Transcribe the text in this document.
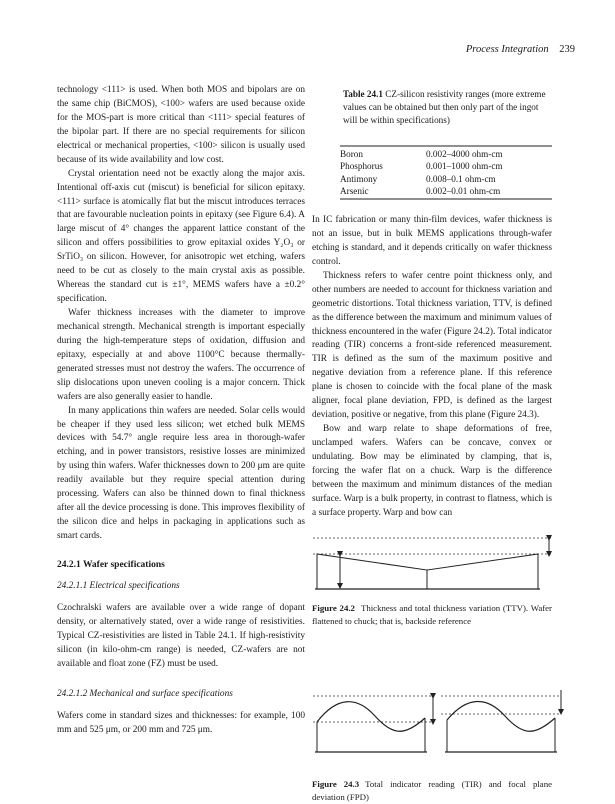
Process Integration 239

technology <111> is used. When both MOS and bipolars are on the same chip (BiCMOS), <100> wafers are used because oxide for the MOS-part is more critical than <111> special features of the bipolar part. If there are no special requirements for silicon electrical or mechanical properties, <100> silicon is usually used because of its wide availability and low cost.

Crystal orientation need not be exactly along the major axis. Intentional off-axis cut (miscut) is beneficial for silicon epitaxy. <111> surface is atomically flat but the miscut introduces terraces that are favourable nucleation points in epitaxy (see Figure 6.4). A large miscut of 4° changes the apparent lattice constant of the silicon and offers possibilities to grow epitaxial oxides Y₂O₃ or SrTiO₃ on silicon. However, for anisotropic wet etching, wafers need to be cut as closely to the main crystal axis as possible. Whereas the standard cut is ±1°, MEMS wafers have a ±0.2° specification.

Wafer thickness increases with the diameter to improve mechanical strength. Mechanical strength is important especially during the high-temperature steps of oxidation, diffusion and epitaxy, especially at and above 1100°C because thermally-generated stresses must not destroy the wafers. The occurrence of slip dislocations upon uneven cooling is a major concern. Thick wafers are also generally easier to handle.

In many applications thin wafers are needed. Solar cells would be cheaper if they used less silicon; wet etched bulk MEMS devices with 54.7° angle require less area in thorough-wafer etching, and in power transistors, resistive losses are minimized by using thin wafers. Wafer thicknesses down to 200 μm are quite readily available but they require special attention during processing. Wafers can also be thinned down to final thickness after all the device processing is done. This improves flexibility of the silicon dice and helps in packaging in applications such as smart cards.

24.2.1 Wafer specifications

24.2.1.1 Electrical specifications

Czochralski wafers are available over a wide range of dopant density, or alternatively stated, over a wide range of resistivities. Typical CZ-resistivities are listed in Table 24.1. If high-resistivity silicon (in kilo-ohm-cm range) is needed, CZ-wafers are not available and float zone (FZ) must be used.

24.2.1.2 Mechanical and surface specifications

Wafers come in standard sizes and thicknesses: for example, 100 mm and 525 μm, or 200 mm and 725 μm.

Table 24.1 CZ-silicon resistivity ranges (more extreme values can be obtained but then only part of the ingot will be within specifications)
Boron	0.002–4000 ohm-cm
Phosphorus	0.001–1000 ohm-cm
Antimony	0.008–0.1 ohm-cm
Arsenic	0.002–0.01 ohm-cm

In IC fabrication or many thin-film devices, wafer thickness is not an issue, but in bulk MEMS applications through-wafer etching is standard, and it depends critically on wafer thickness control.

Thickness refers to wafer centre point thickness only, and other numbers are needed to account for thickness variation and geometric distortions. Total thickness variation, TTV, is defined as the difference between the maximum and minimum values of thickness encountered in the wafer (Figure 24.2). Total indicator reading (TIR) concerns a front-side referenced measurement. TIR is defined as the sum of the maximum positive and negative deviation from a reference plane. If this reference plane is chosen to coincide with the focal plane of the mask aligner, focal plane deviation, FPD, is defined as the largest deviation, positive or negative, from this plane (Figure 24.3).

Bow and warp relate to shape deformations of free, unclamped wafers. Wafers can be concave, convex or undulating. Bow may be eliminated by clamping, that is, forcing the wafer flat on a chuck. Warp is the difference between the maximum and minimum distances of the median surface. Warp is a bulk property, in contrast to flatness, which is a surface property. Warp and bow can

Figure 24.2 Thickness and total thickness variation (TTV). Wafer flattened to chuck; that is, backside reference
Figure 24.3 Total indicator reading (TIR) and focal plane deviation (FPD)
